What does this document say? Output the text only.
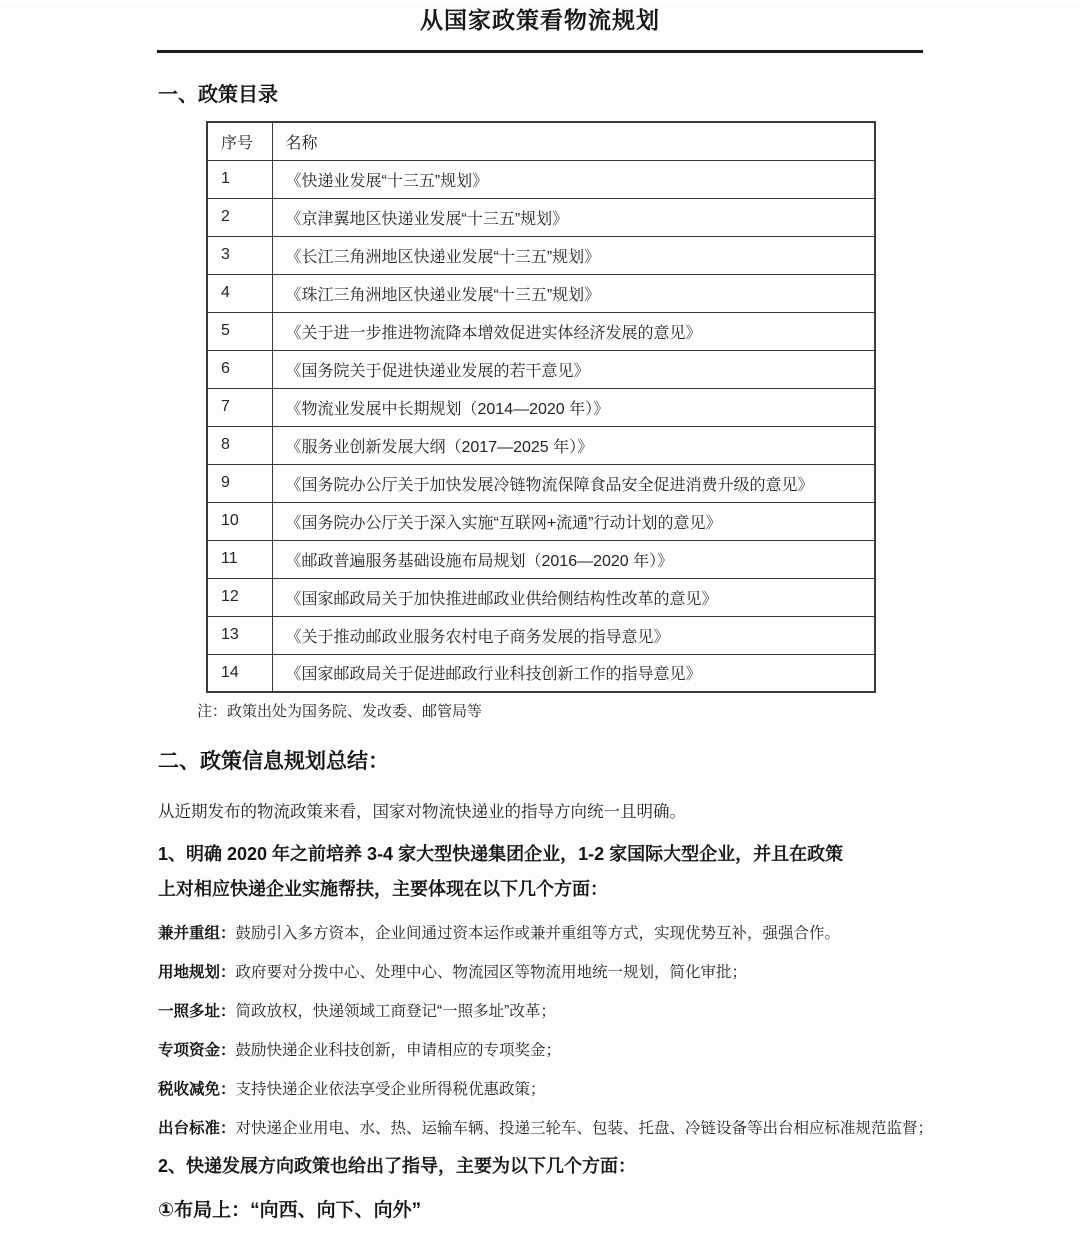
从国家政策看物流规划
一、政策目录
序号	名称
1	《快递业发展“十三五”规划》
2	《京津翼地区快递业发展“十三五”规划》
3	《长江三角洲地区快递业发展“十三五”规划》
4	《珠江三角洲地区快递业发展“十三五”规划》
5	《关于进一步推进物流降本增效促进实体经济发展的意见》
6	《国务院关于促进快递业发展的若干意见》
7	《物流业发展中长期规划（2014—2020 年）》
8	《服务业创新发展大纲（2017—2025 年）》
9	《国务院办公厅关于加快发展冷链物流保障食品安全促进消费升级的意见》
10	《国务院办公厅关于深入实施“互联网+流通”行动计划的意见》
11	《邮政普遍服务基础设施布局规划（2016—2020 年）》
12	《国家邮政局关于加快推进邮政业供给侧结构性改革的意见》
13	《关于推动邮政业服务农村电子商务发展的指导意见》
14	《国家邮政局关于促进邮政行业科技创新工作的指导意见》
注：政策出处为国务院、发改委、邮管局等
二、政策信息规划总结：
从近期发布的物流政策来看，国家对物流快递业的指导方向统一且明确。
1、明确 2020 年之前培养 3-4 家大型快递集团企业，1-2 家国际大型企业，并且在政策
上对相应快递企业实施帮扶，主要体现在以下几个方面：
兼并重组：鼓励引入多方资本，企业间通过资本运作或兼并重组等方式，实现优势互补，强强合作。
用地规划：政府要对分拨中心、处理中心、物流园区等物流用地统一规划，简化审批；
一照多址：简政放权，快递领域工商登记“一照多址”改革；
专项资金：鼓励快递企业科技创新，申请相应的专项奖金；
税收减免：支持快递企业依法享受企业所得税优惠政策；
出台标准：对快递企业用电、水、热、运输车辆、投递三轮车、包装、托盘、冷链设备等出台相应标准规范监督；
2、快递发展方向政策也给出了指导，主要为以下几个方面：
①布局上：“向西、向下、向外”
